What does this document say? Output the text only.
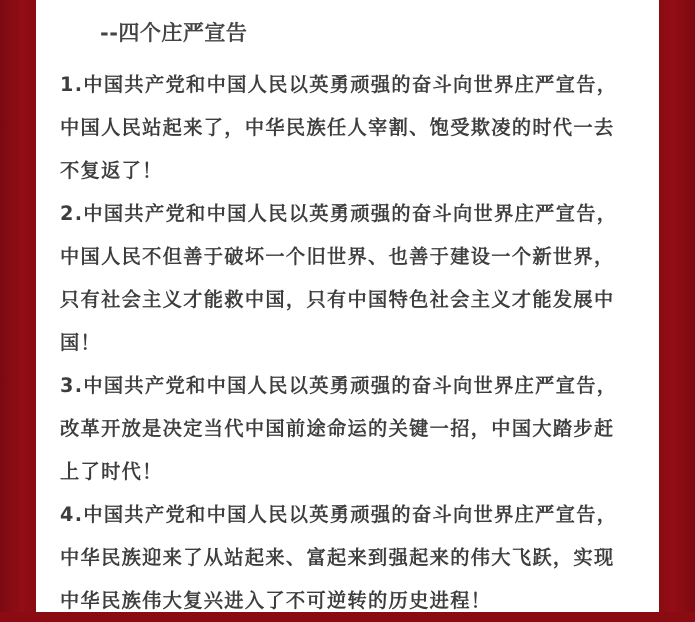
--四个庄严宣告

1.中国共产党和中国人民以英勇顽强的奋斗向世界庄严宣告，中国人民站起来了，中华民族任人宰割、饱受欺凌的时代一去不复返了！

2.中国共产党和中国人民以英勇顽强的奋斗向世界庄严宣告，中国人民不但善于破坏一个旧世界、也善于建设一个新世界，只有社会主义才能救中国，只有中国特色社会主义才能发展中国！

3.中国共产党和中国人民以英勇顽强的奋斗向世界庄严宣告，改革开放是决定当代中国前途命运的关键一招，中国大踏步赶上了时代！

4.中国共产党和中国人民以英勇顽强的奋斗向世界庄严宣告，中华民族迎来了从站起来、富起来到强起来的伟大飞跃，实现中华民族伟大复兴进入了不可逆转的历史进程！
